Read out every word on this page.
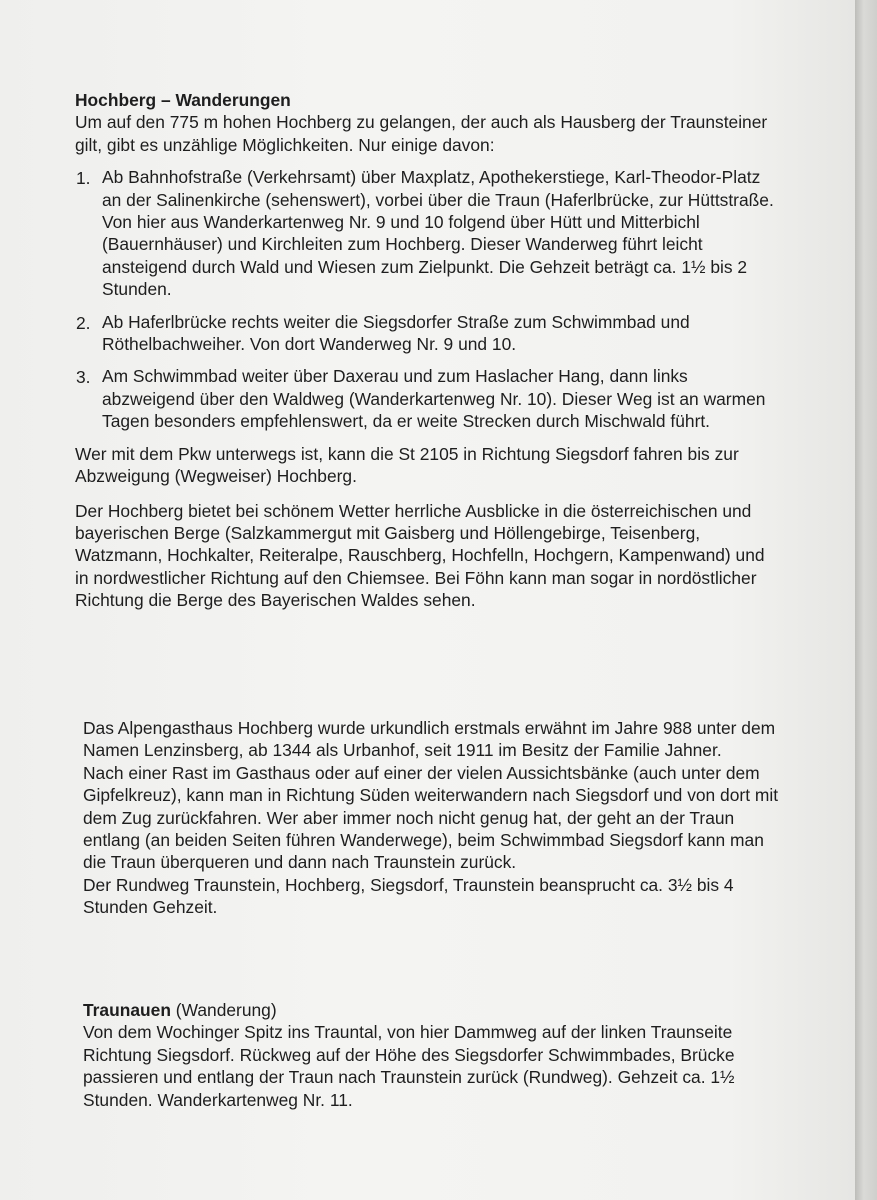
Hochberg – Wanderungen

Um auf den 775 m hohen Hochberg zu gelangen, der auch als Hausberg der Traunsteiner gilt, gibt es unzählige Möglichkeiten. Nur einige davon:

1. Ab Bahnhofstraße (Verkehrsamt) über Maxplatz, Apothekerstiege, Karl-Theodor-Platz an der Salinenkirche (sehenswert), vorbei über die Traun (Haferlbrücke, zur Hüttstraße. Von hier aus Wanderkartenweg Nr. 9 und 10 folgend über Hütt und Mitterbichl (Bauernhäuser) und Kirchleiten zum Hochberg. Dieser Wanderweg führt leicht ansteigend durch Wald und Wiesen zum Zielpunkt. Die Gehzeit beträgt ca. 1½ bis 2 Stunden.
2. Ab Haferlbrücke rechts weiter die Siegsdorfer Straße zum Schwimmbad und Röthelbachweiher. Von dort Wanderweg Nr. 9 und 10.
3. Am Schwimmbad weiter über Daxerau und zum Haslacher Hang, dann links abzweigend über den Waldweg (Wanderkartenweg Nr. 10). Dieser Weg ist an warmen Tagen besonders empfehlenswert, da er weite Strecken durch Mischwald führt.

Wer mit dem Pkw unterwegs ist, kann die St 2105 in Richtung Siegsdorf fahren bis zur Abzweigung (Wegweiser) Hochberg.

Der Hochberg bietet bei schönem Wetter herrliche Ausblicke in die österreichischen und bayerischen Berge (Salzkammergut mit Gaisberg und Höllengebirge, Teisenberg, Watzmann, Hochkalter, Reiteralpe, Rauschberg, Hochfelln, Hochgern, Kampenwand) und in nordwestlicher Richtung auf den Chiemsee. Bei Föhn kann man sogar in nordöstlicher Richtung die Berge des Bayerischen Waldes sehen.

Das Alpengasthaus Hochberg wurde urkundlich erstmals erwähnt im Jahre 988 unter dem Namen Lenzinsberg, ab 1344 als Urbanhof, seit 1911 im Besitz der Familie Jahner.

Nach einer Rast im Gasthaus oder auf einer der vielen Aussichtsbänke (auch unter dem Gipfelkreuz), kann man in Richtung Süden weiterwandern nach Siegsdorf und von dort mit dem Zug zurückfahren. Wer aber immer noch nicht genug hat, der geht an der Traun entlang (an beiden Seiten führen Wanderwege), beim Schwimmbad Siegsdorf kann man die Traun überqueren und dann nach Traunstein zurück.

Der Rundweg Traunstein, Hochberg, Siegsdorf, Traunstein beansprucht ca. 3½ bis 4 Stunden Gehzeit.

Traunauen (Wanderung)

Von dem Wochinger Spitz ins Trauntal, von hier Dammweg auf der linken Traunseite Richtung Siegsdorf. Rückweg auf der Höhe des Siegsdorfer Schwimmbades, Brücke passieren und entlang der Traun nach Traunstein zurück (Rundweg). Gehzeit ca. 1½ Stunden. Wanderkartenweg Nr. 11.
